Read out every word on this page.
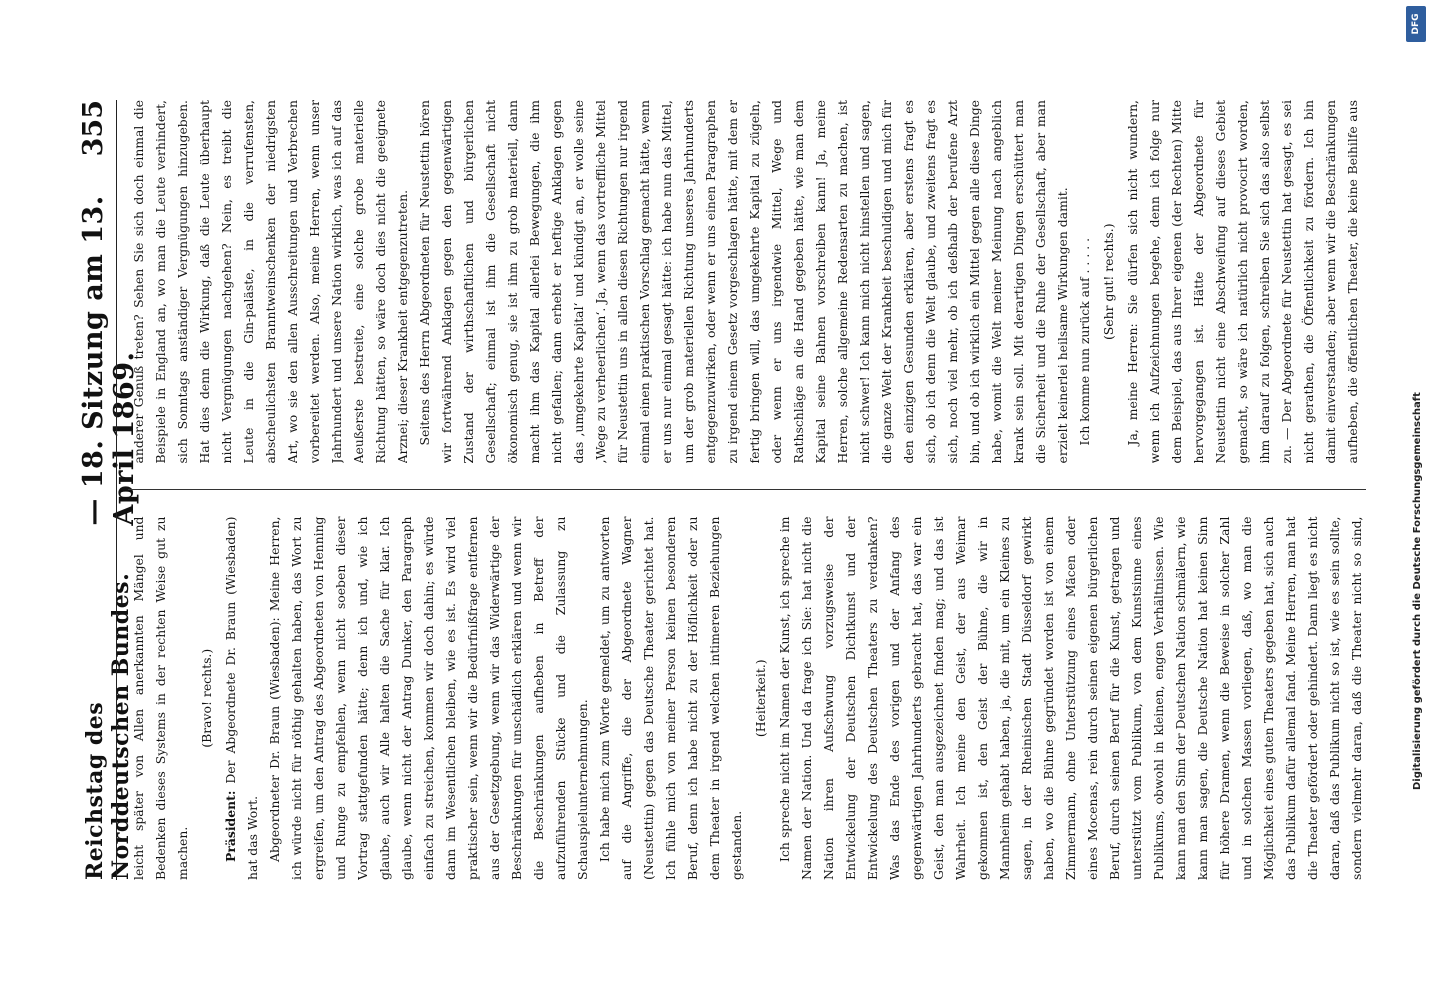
DFG
Digitalisierung gefördert durch die Deutsche Forschungsgemeinschaft
Reichstag des Norddeutschen Bundes.
— 18. Sitzung am 13. April 1869.
355

leicht später von Allen anerkannten Mängel und Bedenken dieses Systems in der rechten Weise gut zu machen.

(Bravo! rechts.)

Präsident: Der Abgeordnete Dr. Braun (Wiesbaden) hat das Wort. Abgeordneter Dr. Braun (Wiesbaden): Meine Herren, ich würde nicht für nöthig gehalten haben, das Wort zu ergreifen, um den Antrag des Abgeordneten von Henning und Runge zu empfehlen, wenn nicht soeben dieser Vortrag stattgefunden hätte; denn ich und, wie ich glaube, auch wir Alle halten die Sache für klar. Ich glaube, wenn nicht der Antrag Dunker, den Paragraph einfach zu streichen, kommen wir doch dahin; es würde dann im Wesentlichen bleiben, wie es ist. Es wird viel praktischer sein, wenn wir die Bedürfnißfrage entfernen aus der Gesetzgebung, wenn wir das Widerwärtige der Beschränkungen für unschädlich erklären und wenn wir die Beschränkungen aufheben in Betreff der aufzuführenden Stücke und die Zulassung zu Schauspielunternehmungen. Ich habe mich zum Worte gemeldet, um zu antworten auf die Angriffe, die der Abgeordnete Wagner (Neustettin) gegen das Deutsche Theater gerichtet hat. Ich fühle mich von meiner Person keinen besonderen Beruf, denn ich habe nicht zu der Höflichkeit oder zu dem Theater in irgend welchen intimeren Beziehungen gestanden.

(Heiterkeit.)

Ich spreche nicht im Namen der Kunst, ich spreche im Namen der Nation. Und da frage ich Sie: hat nicht die Nation ihren Aufschwung vorzugsweise der Entwickelung der Deutschen Dichtkunst und der Entwickelung des Deutschen Theaters zu verdanken? Was das Ende des vorigen und der Anfang des gegenwärtigen Jahrhunderts gebracht hat, das war ein Geist, den man ausgezeichnet finden mag; und das ist Wahrheit. Ich meine den Geist, der aus Weimar gekommen ist, den Geist der Bühne, die wir in Mannheim gehabt haben, ja, die mit, um ein Kleines zu sagen, in der Rheinischen Stadt Düsseldorf gewirkt haben, wo die Bühne gegründet worden ist von einem Zimmermann, ohne Unterstützung eines Mäcen oder eines Mocenas, rein durch seinen eigenen bürgerlichen Beruf, durch seinen Beruf für die Kunst, getragen und unterstützt vom Publikum, von dem Kunstsinne eines Publikums, obwohl in kleinen, engen Verhältnissen. Wie kann man den Sinn der Deutschen Nation schmälern, wie kann man sagen, die Deutsche Nation hat keinen Sinn für höhere Dramen, wenn die Beweise in solcher Zahl und in solchen Massen vorliegen, daß, wo man die Möglichkeit eines guten Theaters gegeben hat, sich auch das Publikum dafür allemal fand. Meine Herren, man hat die Theater gefördert oder gehindert. Dann liegt es nicht daran, daß das Publikum nicht so ist, wie es sein sollte, sondern vielmehr daran, daß die Theater nicht so sind,

anderer Genuß treten? Sehen Sie sich doch einmal die Beispiele in England an, wo man die Leute verhindert, sich Sonntags anständiger Vergnügungen hinzugeben. Hat dies denn die Wirkung, daß die Leute überhaupt nicht Vergnügungen nachgehen? Nein, es treibt die Leute in die Gin-paläste, in die verrufensten, abscheulichsten Branntweinschenken der niedrigsten Art, wo sie den allen Ausschreitungen und Verbrechen vorbereitet werden. Also, meine Herren, wenn unser Jahrhundert und unsere Nation wirklich, was ich auf das Aeußerste bestreite, eine solche grobe materielle Richtung hätten, so wäre doch dies nicht die geeignete Arznei; dieser Krankheit entgegenzutreten. Seitens des Herrn Abgeordneten für Neustettin hören wir fortwährend Anklagen gegen den gegenwärtigen Zustand der wirthschaftlichen und bürgerlichen Gesellschaft; einmal ist ihm die Gesellschaft nicht ökonomisch genug, sie ist ihm zu grob materiell, dann macht ihm das Kapital allerlei Bewegungen, die ihm nicht gefallen; dann erhebt er heftige Anklagen gegen das ‚umgekehrte Kapital‘ und kündigt an, er wolle seine ‚Wege zu verheerlichen‘. Ja, wenn das vortreffliche Mittel für Neustettin uns in allen diesen Richtungen nur irgend einmal einen praktischen Vorschlag gemacht hätte, wenn er uns nur einmal gesagt hätte: ich habe nun das Mittel, um der grob materiellen Richtung unseres Jahrhunderts entgegenzuwirken, oder wenn er uns einen Paragraphen zu irgend einem Gesetz vorgeschlagen hätte, mit dem er fertig bringen will, das umgekehrte Kapital zu zügeln, oder wenn er uns irgendwie Mittel, Wege und Rathschläge an die Hand gegeben hätte, wie man dem Kapital seine Bahnen vorschreiben kann! Ja, meine Herren, solche allgemeine Redensarten zu machen, ist nicht schwer! Ich kann mich nicht hinstellen und sagen, die ganze Welt der Krankheit beschuldigen und mich für den einzigen Gesunden erklären, aber erstens fragt es sich, ob ich denn die Welt glaube, und zweitens fragt es sich, noch viel mehr, ob ich deßhalb der berufene Arzt bin, und ob ich wirklich ein Mittel gegen alle diese Dinge habe, womit die Welt meiner Meinung nach angeblich krank sein soll. Mit derartigen Dingen erschüttert man die Sicherheit und die Ruhe der Gesellschaft, aber man erzielt keinerlei heilsame Wirkungen damit. Ich komme nun zurück auf . . . . . (Sehr gut! rechts.)

Ja, meine Herren: Sie dürfen sich nicht wundern, wenn ich Aufzeichnungen begehe, denn ich folge nur dem Beispiel, das aus Ihrer eigenen (der Rechten) Mitte hervorgegangen ist. Hätte der Abgeordnete für Neustettin nicht eine Abschweifung auf dieses Gebiet gemacht, so wäre ich natürlich nicht provocirt worden, ihm darauf zu folgen, schreiben Sie sich das also selbst zu. — Der Abgeordnete für Neustettin hat gesagt, es sei nicht gerathen, die Öffentlichkeit zu fördern. Ich bin damit einverstanden; aber wenn wir die Beschränkungen aufheben, die öffentlichen Theater, die keine Beihilfe aus
